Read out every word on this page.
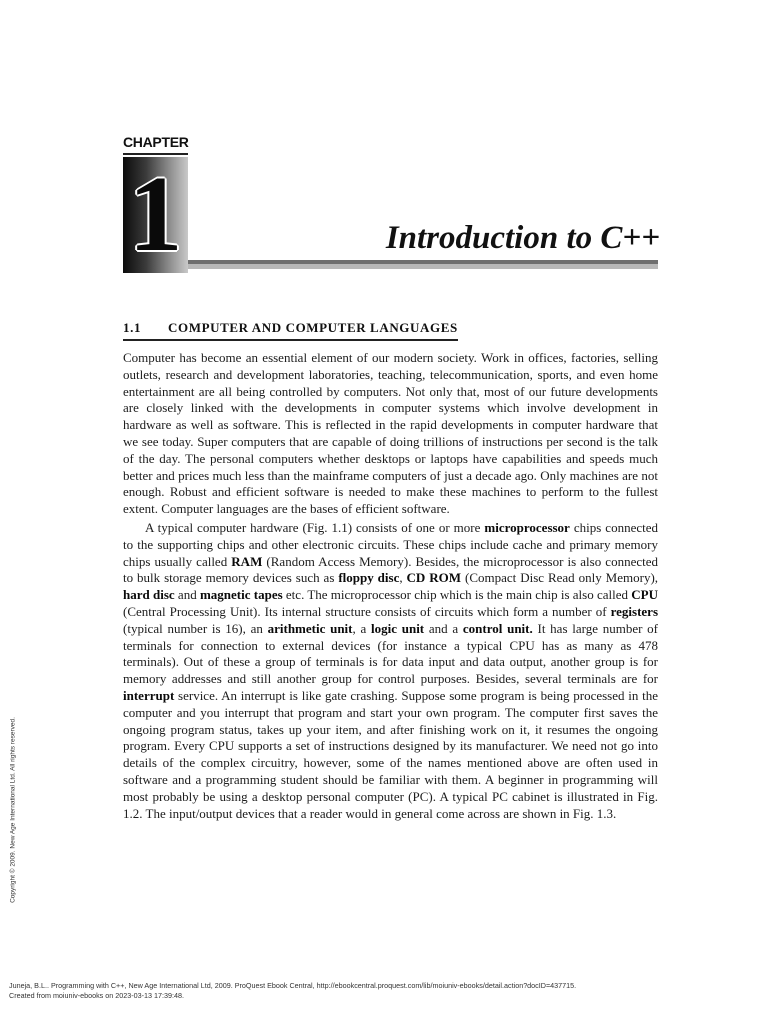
CHAPTER
1	Introduction to C++
1.1 COMPUTER AND COMPUTER LANGUAGES

Computer has become an essential element of our modern society. Work in offices, factories, selling outlets, research and development laboratories, teaching, telecommunication, sports, and even home entertainment are all being controlled by computers. Not only that, most of our future developments are closely linked with the developments in computer systems which involve development in hardware as well as software. This is reflected in the rapid developments in computer hardware that we see today. Super computers that are capable of doing trillions of instructions per second is the talk of the day. The personal computers whether desktops or laptops have capabilities and speeds much better and prices much less than the mainframe computers of just a decade ago. Only machines are not enough. Robust and efficient software is needed to make these machines to perform to the fullest extent. Computer languages are the bases of efficient software.

A typical computer hardware (Fig. 1.1) consists of one or more microprocessor chips connected to the supporting chips and other electronic circuits. These chips include cache and primary memory chips usually called RAM (Random Access Memory). Besides, the microprocessor is also connected to bulk storage memory devices such as floppy disc, CD ROM (Compact Disc Read only Memory), hard disc and magnetic tapes etc. The microprocessor chip which is the main chip is also called CPU (Central Processing Unit). Its internal structure consists of circuits which form a number of registers (typical number is 16), an arithmetic unit, a logic unit and a control unit. It has large number of terminals for connection to external devices (for instance a typical CPU has as many as 478 terminals). Out of these a group of terminals is for data input and data output, another group is for memory addresses and still another group for control purposes. Besides, several terminals are for interrupt service. An interrupt is like gate crashing. Suppose some program is being processed in the computer and you interrupt that program and start your own program. The computer first saves the ongoing program status, takes up your item, and after finishing work on it, it resumes the ongoing program. Every CPU supports a set of instructions designed by its manufacturer. We need not go into details of the complex circuitry, however, some of the names mentioned above are often used in software and a programming student should be familiar with them. A beginner in programming will most probably be using a desktop personal computer (PC). A typical PC cabinet is illustrated in Fig. 1.2. The input/output devices that a reader would in general come across are shown in Fig. 1.3.

Copyright © 2009. New Age International Ltd. All rights reserved.
Juneja, B.L.. Programming with C++, New Age International Ltd, 2009. ProQuest Ebook Central, http://ebookcentral.proquest.com/lib/moiuniv-ebooks/detail.action?docID=437715.
Created from moiuniv-ebooks on 2023-03-13 17:39:48.
